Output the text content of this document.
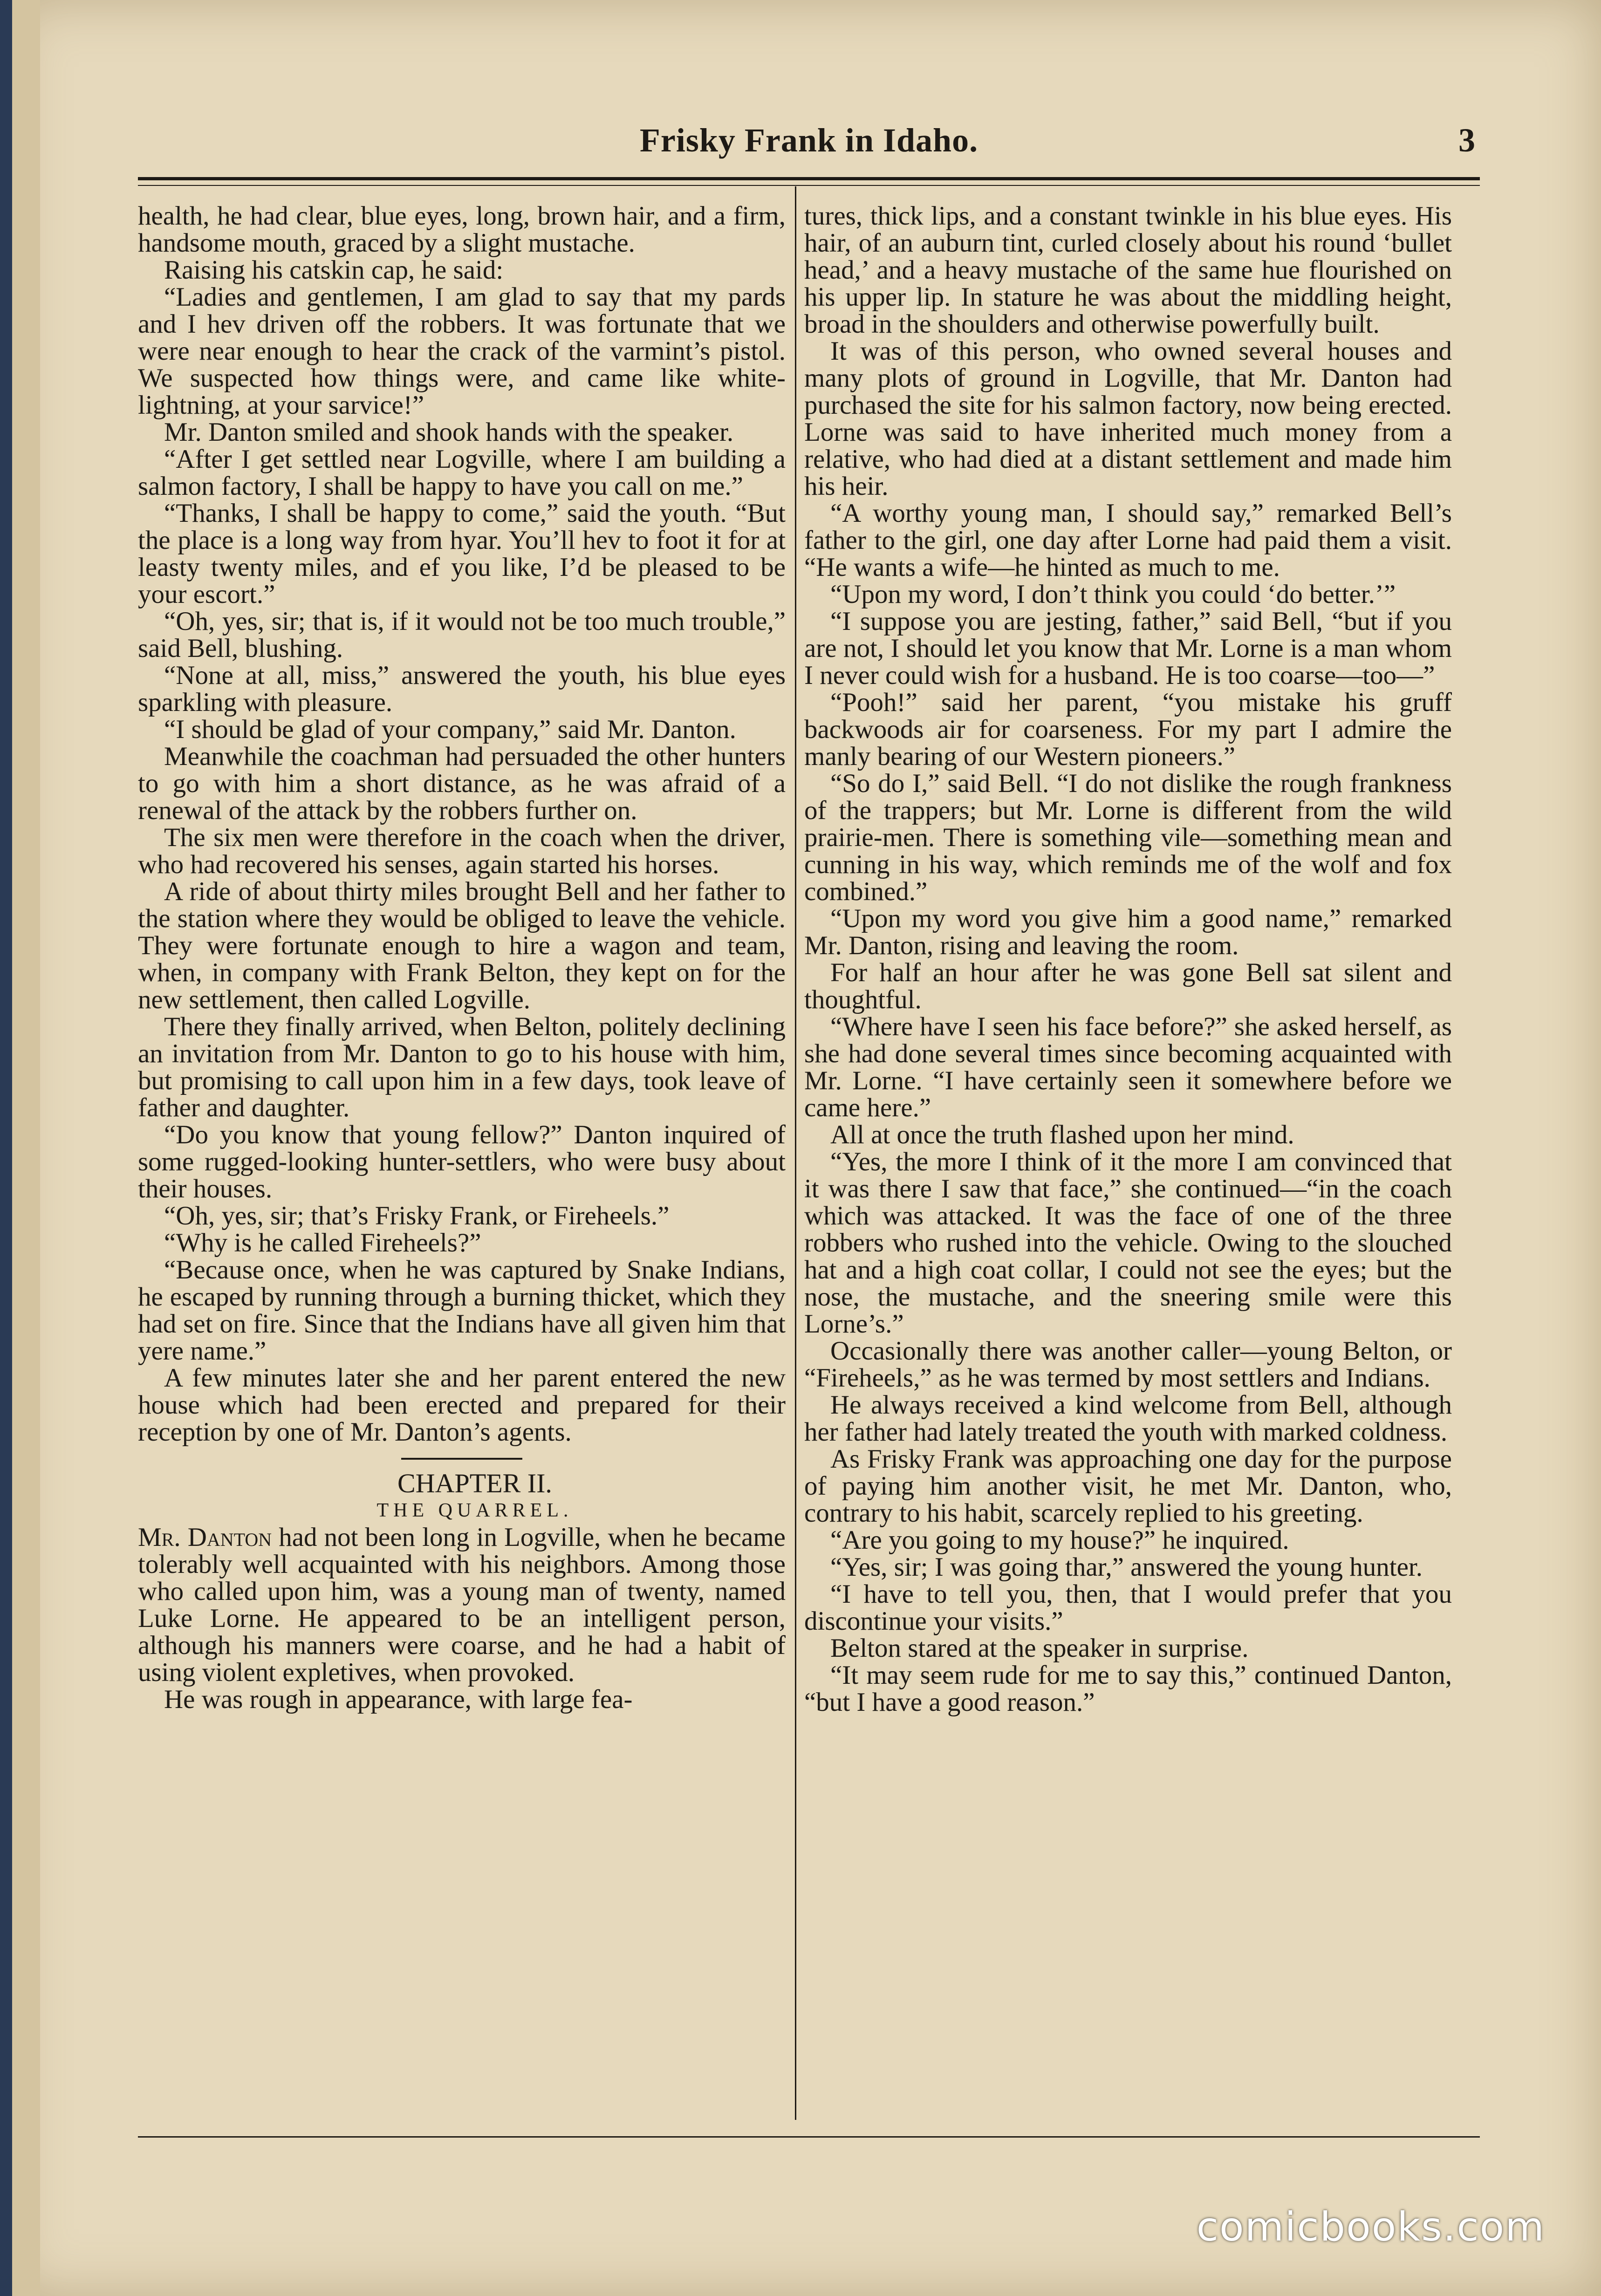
Frisky Frank in Idaho.	3

health, he had clear, blue eyes, long, brown hair, and a firm, handsome mouth, graced by a slight mustache.

Raising his catskin cap, he said:

“Ladies and gentlemen, I am glad to say that my pards and I hev driven off the robbers. It was fortunate that we were near enough to hear the crack of the varmint’s pistol. We suspected how things were, and came like white-lightning, at your sarvice!”

Mr. Danton smiled and shook hands with the speaker.

“After I get settled near Logville, where I am building a salmon factory, I shall be happy to have you call on me.”

“Thanks, I shall be happy to come,” said the youth. “But the place is a long way from hyar. You’ll hev to foot it for at leasty twenty miles, and ef you like, I’d be pleased to be your escort.”

“Oh, yes, sir; that is, if it would not be too much trouble,” said Bell, blushing.

“None at all, miss,” answered the youth, his blue eyes sparkling with pleasure.

“I should be glad of your company,” said Mr. Danton.

Meanwhile the coachman had persuaded the other hunters to go with him a short distance, as he was afraid of a renewal of the attack by the robbers further on.

The six men were therefore in the coach when the driver, who had recovered his senses, again started his horses.

A ride of about thirty miles brought Bell and her father to the station where they would be obliged to leave the vehicle. They were fortunate enough to hire a wagon and team, when, in company with Frank Belton, they kept on for the new settlement, then called Logville.

There they finally arrived, when Belton, politely declining an invitation from Mr. Danton to go to his house with him, but promising to call upon him in a few days, took leave of father and daughter.

“Do you know that young fellow?” Danton inquired of some rugged-looking hunter-settlers, who were busy about their houses.

“Oh, yes, sir; that’s Frisky Frank, or Fireheels.”

“Why is he called Fireheels?”

“Because once, when he was captured by Snake Indians, he escaped by running through a burning thicket, which they had set on fire. Since that the Indians have all given him that yere name.”

A few minutes later she and her parent entered the new house which had been erected and prepared for their reception by one of Mr. Danton’s agents.

CHAPTER II.

THE QUARREL.

Mr. Danton had not been long in Logville, when he became tolerably well acquainted with his neighbors. Among those who called upon him, was a young man of twenty, named Luke Lorne. He appeared to be an intelligent person, although his manners were coarse, and he had a habit of using violent expletives, when provoked.

He was rough in appearance, with large fea-

tures, thick lips, and a constant twinkle in his blue eyes. His hair, of an auburn tint, curled closely about his round ‘bullet head,’ and a heavy mustache of the same hue flourished on his upper lip. In stature he was about the middling height, broad in the shoulders and otherwise powerfully built.

It was of this person, who owned several houses and many plots of ground in Logville, that Mr. Danton had purchased the site for his salmon factory, now being erected. Lorne was said to have inherited much money from a relative, who had died at a distant settlement and made him his heir.

“A worthy young man, I should say,” remarked Bell’s father to the girl, one day after Lorne had paid them a visit. “He wants a wife—he hinted as much to me.

“Upon my word, I don’t think you could ‘do better.’”

“I suppose you are jesting, father,” said Bell, “but if you are not, I should let you know that Mr. Lorne is a man whom I never could wish for a husband. He is too coarse—too—”

“Pooh!” said her parent, “you mistake his gruff backwoods air for coarseness. For my part I admire the manly bearing of our Western pioneers.”

“So do I,” said Bell. “I do not dislike the rough frankness of the trappers; but Mr. Lorne is different from the wild prairie-men. There is something vile—something mean and cunning in his way, which reminds me of the wolf and fox combined.”

“Upon my word you give him a good name,” remarked Mr. Danton, rising and leaving the room.

For half an hour after he was gone Bell sat silent and thoughtful.

“Where have I seen his face before?” she asked herself, as she had done several times since becoming acquainted with Mr. Lorne. “I have certainly seen it somewhere before we came here.”

All at once the truth flashed upon her mind.

“Yes, the more I think of it the more I am convinced that it was there I saw that face,” she continued—“in the coach which was attacked. It was the face of one of the three robbers who rushed into the vehicle. Owing to the slouched hat and a high coat collar, I could not see the eyes; but the nose, the mustache, and the sneering smile were this Lorne’s.”

Occasionally there was another caller—young Belton, or “Fireheels,” as he was termed by most settlers and Indians.

He always received a kind welcome from Bell, although her father had lately treated the youth with marked coldness.

As Frisky Frank was approaching one day for the purpose of paying him another visit, he met Mr. Danton, who, contrary to his habit, scarcely replied to his greeting.

“Are you going to my house?” he inquired.

“Yes, sir; I was going thar,” answered the young hunter.

“I have to tell you, then, that I would prefer that you discontinue your visits.”

Belton stared at the speaker in surprise.

“It may seem rude for me to say this,” continued Danton, “but I have a good reason.”

comicbooks.com
